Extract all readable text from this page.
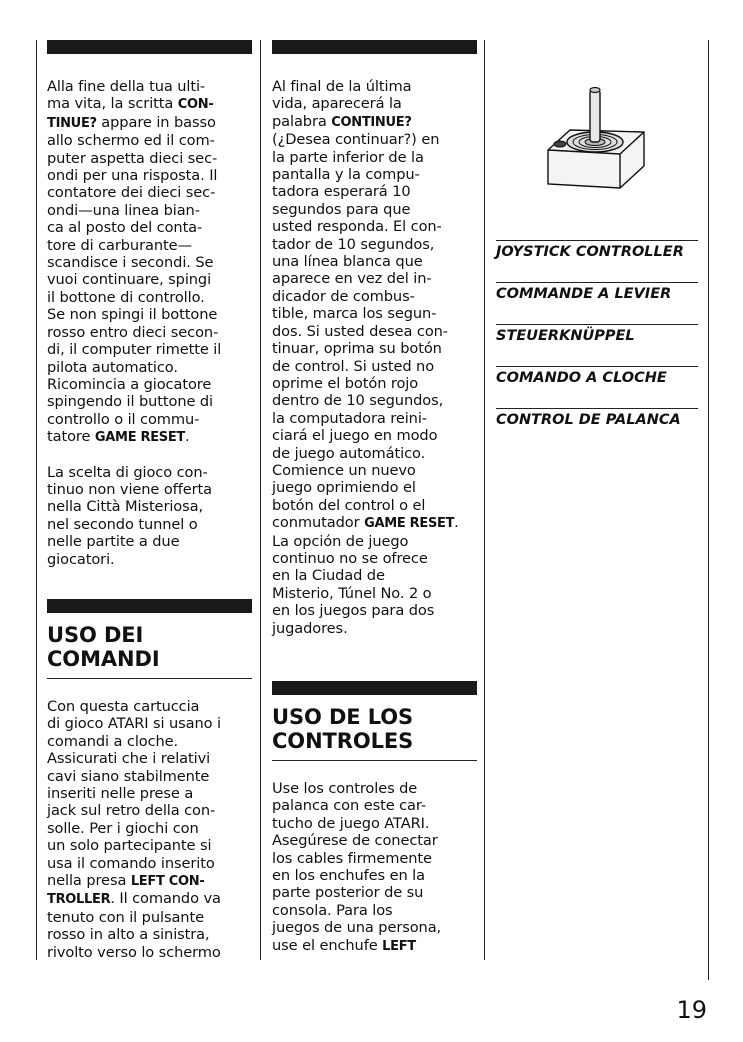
Alla fine della tua ulti-
ma vita, la scritta CON-
TINUE? appare in basso
allo schermo ed il com-
puter aspetta dieci sec-
ondi per una risposta. Il
contatore dei dieci sec-
ondi—una linea bian-
ca al posto del conta-
tore di carburante—
scandisce i secondi. Se
vuoi continuare, spingi
il bottone di controllo.
Se non spingi il bottone
rosso entro dieci secon-
di, il computer rimette il
pilota automatico.
Ricomincia a giocatore
spingendo il buttone di
controllo o il commu-
tatore GAME RESET.

La scelta di gioco con-
tinuo non viene offerta
nella Città Misteriosa,
nel secondo tunnel o
nelle partite a due
giocatori.

USO DEI
COMANDI

Con questa cartuccia
di gioco ATARI si usano i
comandi a cloche.
Assicurati che i relativi
cavi siano stabilmente
inseriti nelle prese a
jack sul retro della con-
solle. Per i giochi con
un solo partecipante si
usa il comando inserito
nella presa LEFT CON-
TROLLER. Il comando va
tenuto con il pulsante
rosso in alto a sinistra,
rivolto verso lo schermo

Al final de la última
vida, aparecerá la
palabra CONTINUE?
(¿Desea continuar?) en
la parte inferior de la
pantalla y la compu-
tadora esperará 10
segundos para que
usted responda. El con-
tador de 10 segundos,
una línea blanca que
aparece en vez del in-
dicador de combus-
tible, marca los segun-
dos. Si usted desea con-
tinuar, oprima su botón
de control. Si usted no
oprime el botón rojo
dentro de 10 segundos,
la computadora reini-
ciará el juego en modo
de juego automático.
Comience un nuevo
juego oprimiendo el
botón del control o el
conmutador GAME RESET.
La opción de juego
continuo no se ofrece
en la Ciudad de
Misterio, Túnel No. 2 o
en los juegos para dos
jugadores.

USO DE LOS
CONTROLES

Use los controles de
palanca con este car-
tucho de juego ATARI.
Asegúrese de conectar
los cables firmemente
en los enchufes en la
parte posterior de su
consola. Para los
juegos de una persona,
use el enchufe LEFT

JOYSTICK CONTROLLER
COMMANDE A LEVIER
STEUERKNÜPPEL
COMANDO A CLOCHE
CONTROL DE PALANCA
19
